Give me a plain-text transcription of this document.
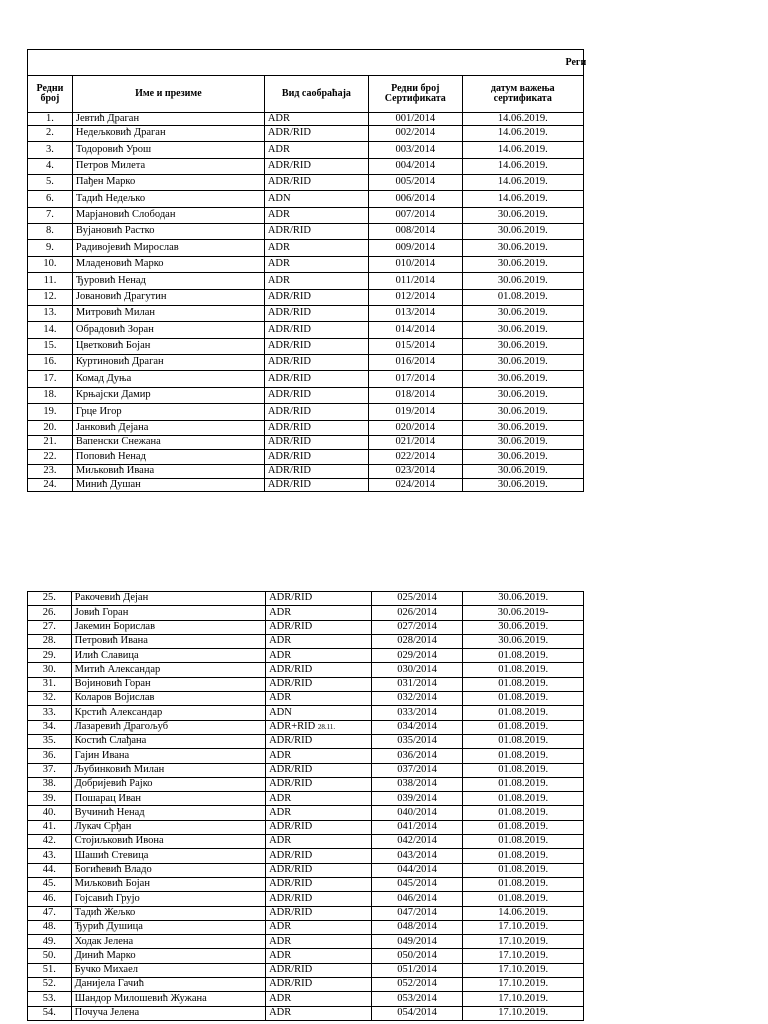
Реги				

Редни број	Име и презиме	Вид саобраћаја	Редни број Сертификата	датум важења сертификата
1.	Јевтић Драган	ADR	001/2014	14.06.2019.
2.	Недељковић Драган	ADR/RID	002/2014	14.06.2019.
3.	Тодоровић Урош	ADR	003/2014	14.06.2019.
4.	Петров Милета	ADR/RID	004/2014	14.06.2019.
5.	Пађен Марко	ADR/RID	005/2014	14.06.2019.
6.	Тадић Недељко	ADN	006/2014	14.06.2019.
7.	Марјановић Слободан	ADR	007/2014	30.06.2019.
8.	Вујановић Растко	ADR/RID	008/2014	30.06.2019.
9.	Радивојевић Мирослав	ADR	009/2014	30.06.2019.
10.	Младеновић Марко	ADR	010/2014	30.06.2019.
11.	Ђуровић Ненад	ADR	011/2014	30.06.2019.
12.	Јовановић Драгутин	ADR/RID	012/2014	01.08.2019.
13.	Митровић Милан	ADR/RID	013/2014	30.06.2019.
14.	Обрадовић Зоран	ADR/RID	014/2014	30.06.2019.
15.	Цветковић Бојан	ADR/RID	015/2014	30.06.2019.
16.	Куртиновић Драган	ADR/RID	016/2014	30.06.2019.
17.	Комад Дуња	ADR/RID	017/2014	30.06.2019.
18.	Крњајски Дамир	ADR/RID	018/2014	30.06.2019.
19.	Грце Игор	ADR/RID	019/2014	30.06.2019.
20.	Јанковић Дејана	ADR/RID	020/2014	30.06.2019.
21.	Вапенски Снежана	ADR/RID	021/2014	30.06.2019.
22.	Поповић Ненад	ADR/RID	022/2014	30.06.2019.
23.	Миљковић Ивана	ADR/RID	023/2014	30.06.2019.
24.	Минић Душан	ADR/RID	024/2014	30.06.2019.
25.	Ракочевић Дејан	ADR/RID	025/2014	30.06.2019.
26.	Јовић Горан	ADR	026/2014	30.06.2019-
27.	Јакемин Борислав	ADR/RID	027/2014	30.06.2019.
28.	Петровић Ивана	ADR	028/2014	30.06.2019.
29.	Илић Славица	ADR	029/2014	01.08.2019.
30.	Митић Александар	ADR/RID	030/2014	01.08.2019.
31.	Војиновић Горан	ADR/RID	031/2014	01.08.2019.
32.	Коларов Војислав	ADR	032/2014	01.08.2019.
33.	Крстић Александар	ADN	033/2014	01.08.2019.
34.	Лазаревић Драгољуб	ADR+RID 28.11.	034/2014	01.08.2019.
35.	Костић Слађана	ADR/RID	035/2014	01.08.2019.
36.	Гајин Ивана	ADR	036/2014	01.08.2019.
37.	Љубинковић Милан	ADR/RID	037/2014	01.08.2019.
38.	Добријевић Рајко	ADR/RID	038/2014	01.08.2019.
39.	Пошарац Иван	ADR	039/2014	01.08.2019.
40.	Вучинић Ненад	ADR	040/2014	01.08.2019.
41.	Лукач Срђан	ADR/RID	041/2014	01.08.2019.
42.	Стојиљковић Ивона	ADR	042/2014	01.08.2019.
43.	Шашић Стевица	ADR/RID	043/2014	01.08.2019.
44.	Богићевић Владо	ADR/RID	044/2014	01.08.2019.
45.	Миљковић Бојан	ADR/RID	045/2014	01.08.2019.
46.	Гојсавић Грујо	ADR/RID	046/2014	01.08.2019.
47.	Тадић Жељко	ADR/RID	047/2014	14.06.2019.
48.	Ђурић Душица	ADR	048/2014	17.10.2019.
49.	Ходак Јелена	ADR	049/2014	17.10.2019.
50.	Динић Марко	ADR	050/2014	17.10.2019.
51.	Бучко Михаел	ADR/RID	051/2014	17.10.2019.
52.	Данијела Гачић	ADR/RID	052/2014	17.10.2019.
53.	Шандор Милошевић Жужана	ADR	053/2014	17.10.2019.
54.	Почуча Јелена	ADR	054/2014	17.10.2019.
